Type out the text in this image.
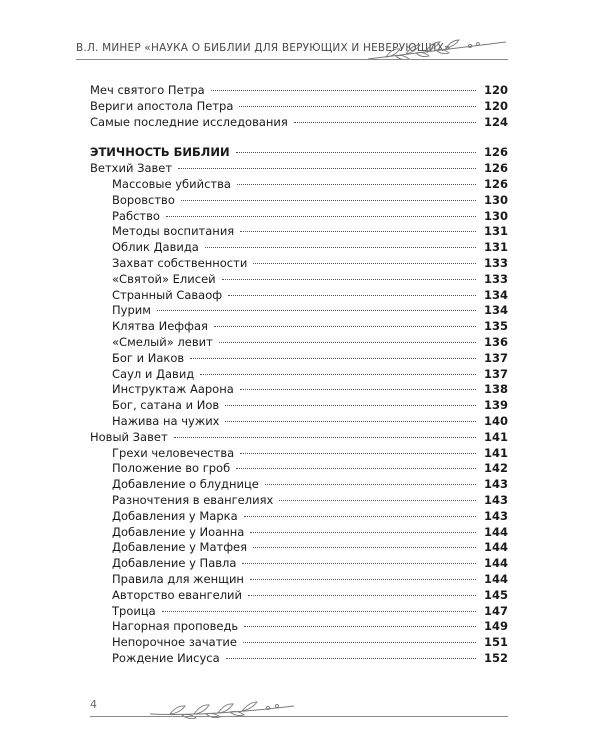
В.Л. МИНЕР «НАУКА О БИБЛИИ ДЛЯ ВЕРУЮЩИХ И НЕВЕРУЮЩИХ»
Меч святого Петра	120
Вериги апостола Петра	120
Самые последние исследования	124
ЭТИЧНОСТЬ БИБЛИИ	126
Ветхий Завет	126
Массовые убийства	126
Воровство	130
Рабство	130
Методы воспитания	131
Облик Давида	131
Захват собственности	133
«Святой» Елисей	133
Странный Саваоф	134
Пурим	134
Клятва Иеффая	135
«Смелый» левит	136
Бог и Иаков	137
Саул и Давид	137
Инструктаж Аарона	138
Бог, сатана и Иов	139
Нажива на чужих	140
Новый Завет	141
Грехи человечества	141
Положение во гроб	142
Добавление о блуднице	143
Разночтения в евангелиях	143
Добавления у Марка	143
Добавление у Иоанна	144
Добавление у Матфея	144
Добавление у Павла	144
Правила для женщин	144
Авторство евангелий	145
Троица	147
Нагорная проповедь	149
Непорочное зачатие	151
Рождение Иисуса	152
4
